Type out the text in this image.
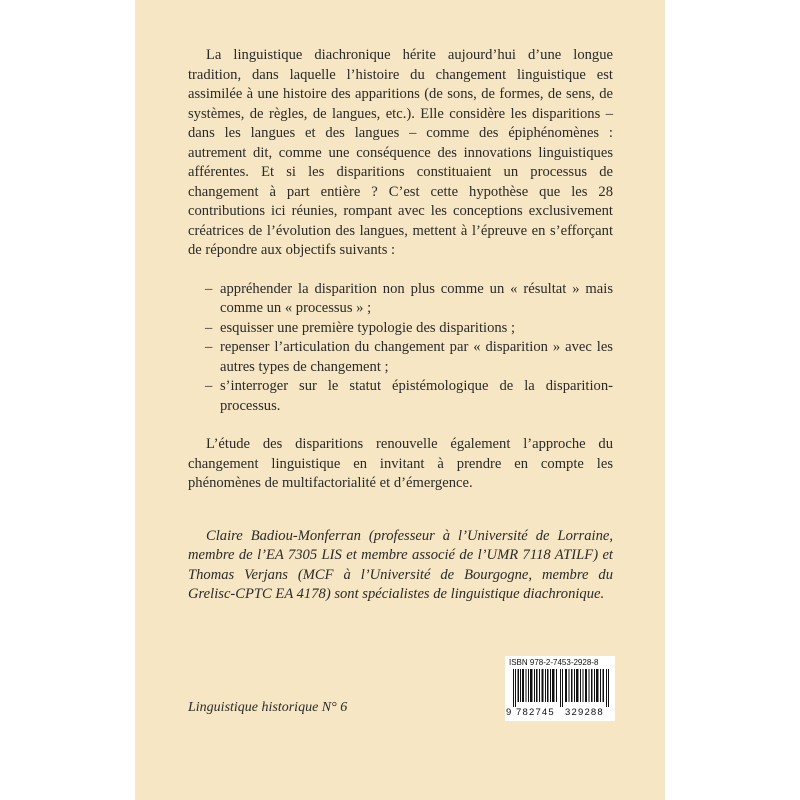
La linguistique diachronique hérite aujourd’hui d’une longue tradition, dans laquelle l’histoire du changement linguistique est assimilée à une histoire des apparitions (de sons, de formes, de sens, de systèmes, de règles, de langues, etc.). Elle considère les disparitions – dans les langues et des langues – comme des épiphénomènes : autrement dit, comme une conséquence des innovations linguistiques afférentes. Et si les disparitions constituaient un processus de changement à part entière ? C’est cette hypothèse que les 28 contributions ici réunies, rompant avec les conceptions exclusivement créatrices de l’évolution des langues, mettent à l’épreuve en s’efforçant de répondre aux objectifs suivants :

– appréhender la disparition non plus comme un « résultat » mais comme un « processus » ;
– esquisser une première typologie des disparitions ;
– repenser l’articulation du changement par « disparition » avec les autres types de changement ;
– s’interroger sur le statut épistémologique de la disparition-processus.

L’étude des disparitions renouvelle également l’approche du changement linguistique en invitant à prendre en compte les phénomènes de multifactorialité et d’émergence.

Claire Badiou-Monferran (professeur à l’Université de Lorraine, membre de l’EA 7305 LIS et membre associé de l’UMR 7118 ATILF) et Thomas Verjans (MCF à l’Université de Bourgogne, membre du Grelisc-CPTC EA 4178) sont spécialistes de linguistique diachronique.

Linguistique historique N° 6
ISBN 978-2-7453-2928-8
9 782745 329288
